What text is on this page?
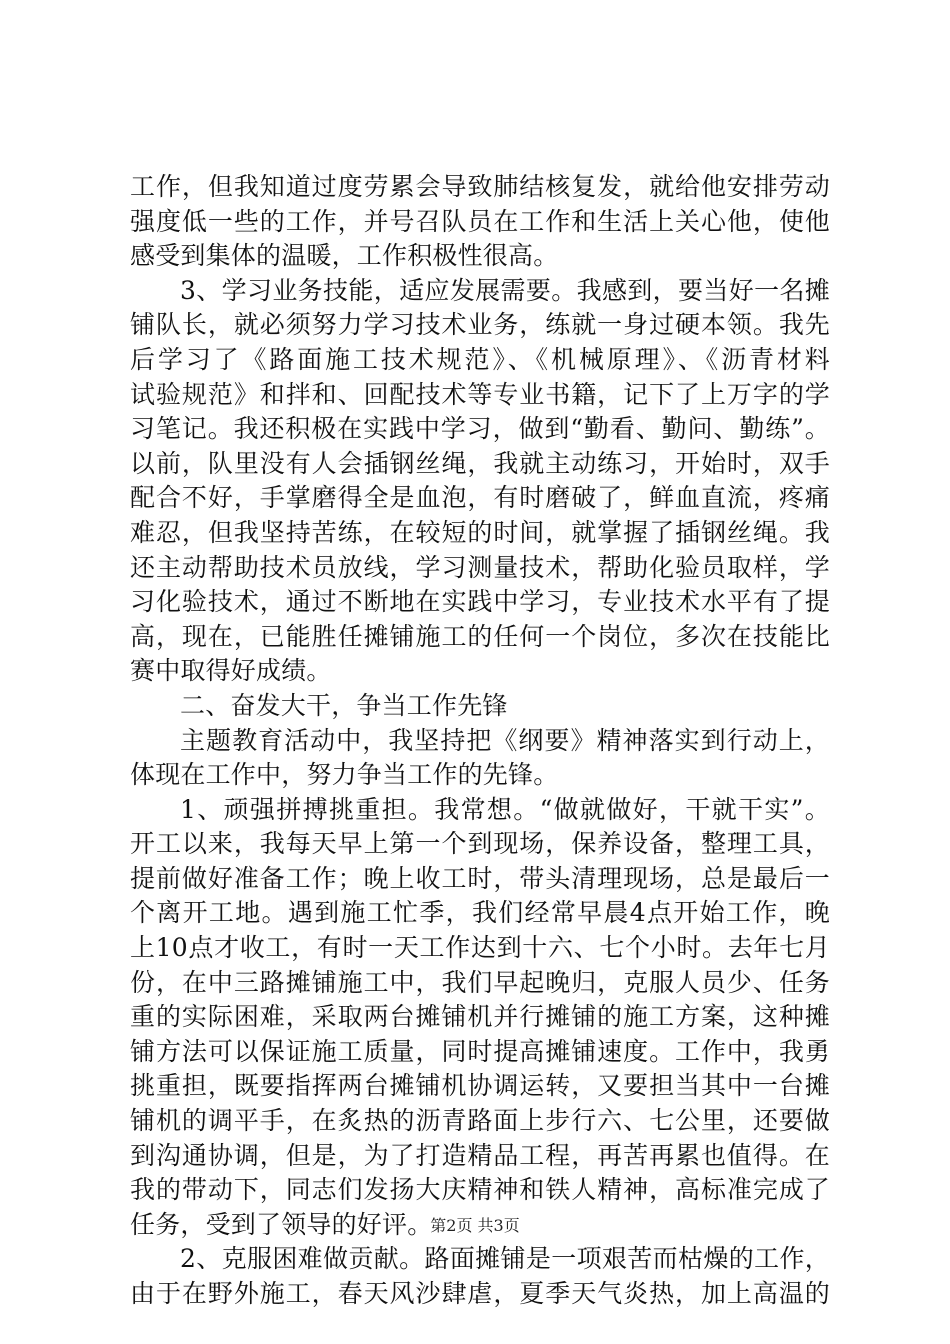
工作，但我知道过度劳累会导致肺结核复发，就给他安排劳动
强度低一些的工作，并号召队员在工作和生活上关心他，使他
感受到集体的温暖，工作积极性很高。
3、学习业务技能，适应发展需要。我感到，要当好一名摊
铺队长，就必须努力学习技术业务，练就一身过硬本领。我先
后学习了《路面施工技术规范》、《机械原理》、《沥青材料
试验规范》和拌和、回配技术等专业书籍，记下了上万字的学
习笔记。我还积极在实践中学习，做到“勤看、勤问、勤练”。
以前，队里没有人会插钢丝绳，我就主动练习，开始时，双手
配合不好，手掌磨得全是血泡，有时磨破了，鲜血直流，疼痛
难忍，但我坚持苦练，在较短的时间，就掌握了插钢丝绳。我
还主动帮助技术员放线，学习测量技术，帮助化验员取样，学
习化验技术，通过不断地在实践中学习，专业技术水平有了提
高，现在，已能胜任摊铺施工的任何一个岗位，多次在技能比
赛中取得好成绩。
二、奋发大干，争当工作先锋
主题教育活动中，我坚持把《纲要》精神落实到行动上，
体现在工作中，努力争当工作的先锋。
1、顽强拼搏挑重担。我常想。“做就做好，干就干实”。
开工以来，我每天早上第一个到现场，保养设备，整理工具，
提前做好准备工作；晚上收工时，带头清理现场，总是最后一
个离开工地。遇到施工忙季，我们经常早晨4点开始工作，晚
上10点才收工，有时一天工作达到十六、七个小时。去年七月
份，在中三路摊铺施工中，我们早起晚归，克服人员少、任务
重的实际困难，采取两台摊铺机并行摊铺的施工方案，这种摊
铺方法可以保证施工质量，同时提高摊铺速度。工作中，我勇
挑重担，既要指挥两台摊铺机协调运转，又要担当其中一台摊
铺机的调平手，在炙热的沥青路面上步行六、七公里，还要做
到沟通协调，但是，为了打造精品工程，再苦再累也值得。在
我的带动下，同志们发扬大庆精神和铁人精神，高标准完成了
任务，受到了领导的好评。
2、克服困难做贡献。路面摊铺是一项艰苦而枯燥的工作，
由于在野外施工，春天风沙肆虐，夏季天气炎热，加上高温的
第2页 共3页
